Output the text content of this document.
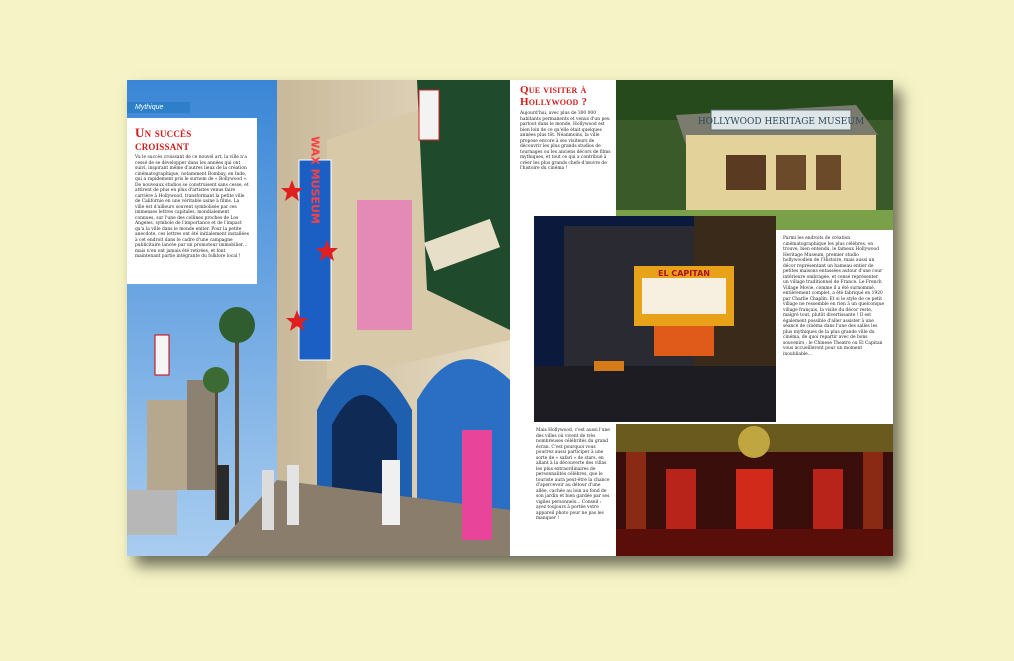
WAX MUSEUM
Mythique
Un succès croissant

Vu le succès croissant de ce nouvel art, la ville n'a cessé de se développer dans les années qui ont suivi, inspirant même d'autres lieux de la création cinématographique, notamment Bombay, en Inde, qui a rapidement pris le surnom de « Bollywood ». De nouveaux studios se construisent sans cesse, et attirent de plus en plus d'artistes venus faire carrière à Hollywood, transformant la petite ville de Californie en une véritable usine à films. La ville est d'ailleurs souvent symbolisée par ces immenses lettres capitales, mondialement connues, sur l'une des collines proches de Los Angeles, symbole de l'importance et de l'impact qu'a la ville dans le monde entier. Pour la petite anecdote, ces lettres ont été initialement installées à cet endroit dans le cadre d'une campagne publicitaire lancée par un promoteur immobilier… mais n'en ont jamais été retirées, et font maintenant partie intégrante du folklore local !

HOLLYWOOD HERITAGE MUSEUM
EL CAPITAN
Que visiter à Hollywood ?

Aujourd'hui, avec plus de 300 000 habitants permanents et venus d'un peu partout dans le monde, Hollywood est bien loin de ce qu'elle était quelques années plus tôt. Néanmoins, la ville propose encore à ses visiteurs de découvrir les plus grands studios de tournages ou les anciens décors de films mythiques, et tout ce qui a contribué à créer les plus grands chefs-d'œuvre de l'histoire du cinéma !

Parmi les endroits de création cinématographique les plus célèbres, on trouve, bien entendu, le fameux Hollywood Heritage Museum, premier studio hollywoodien de l'Histoire, mais aussi un décor représentant un hameau entier de petites maisons entassées autour d'une cour intérieure ombragée, et censé représenter un village traditionnel de France. Le French Village Movie, comme il a été surnommé, entièrement complet, a été fabriqué en 1920 par Charlie Chaplin. Et si le style de ce petit village ne ressemble en rien à un quelconque village français, la visite du décor reste, malgré tout, plutôt divertissante ! Il est également possible d'aller assister à une séance de cinéma dans l'une des salles les plus mythiques de la plus grande ville du cinéma, de quoi repartir avec de bons souvenirs : le Chinese Theatre ou El Capitan vous accueilleront pour un moment inoubliable…

Mais Hollywood, c'est aussi l'une des villes où vivent de très nombreuses célébrités du grand écran. C'est pourquoi vous pourrez aussi participer à une sorte de « safari » de stars, en allant à la découverte des villas les plus extraordinaires de personnalités célèbres, que le touriste aura peut-être la chance d'apercevoir au détour d'une allée, cachée au loin au fond de son jardin et bien gardée par ses vigiles personnels… Conseil : ayez toujours à portée votre appareil photo pour ne pas les manquer !
